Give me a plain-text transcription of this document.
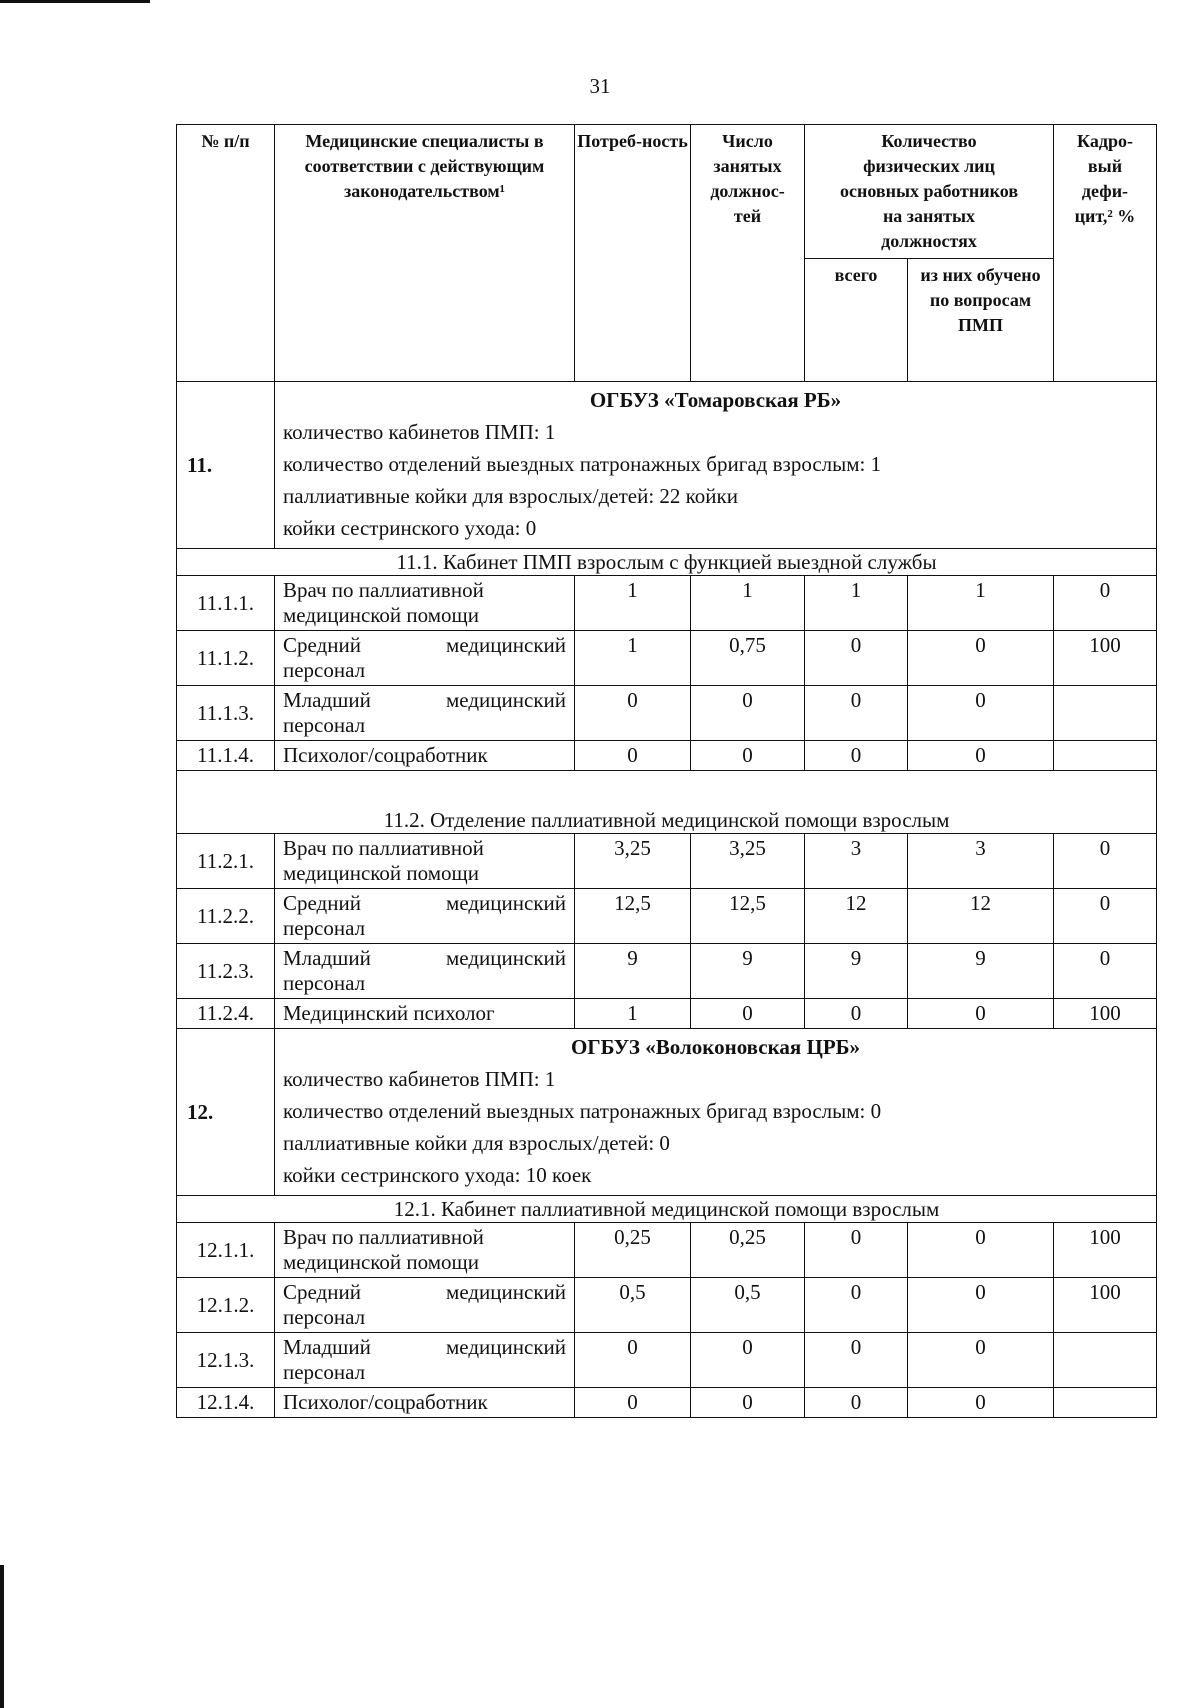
31
№ п/п	Медицинские специалисты в соответствии с действующим законодательством¹	Потреб-ность	Число занятых должнос-тей	Количество физических лиц основных работников на занятых должностях		Кадро-вый дефи-цит,² %

				всего	из них обучено по вопросам ПМП	

11.	ОГБУЗ «Томаровская РБ»
количество кабинетов ПМП: 1
количество отделений выездных патронажных бригад взрослым: 1
паллиативные койки для взрослых/детей: 22 койки
койки сестринского ухода: 0					

11.1. Кабинет ПМП взрослым с функцией выездной службы						
11.1.1.	Врач по паллиативной медицинской помощи	1	1	1	1	0
11.1.2.	Средний медицинский персонал	1	0,75	0	0	100
11.1.3.	Младший медицинский персонал	0	0	0	0	
11.1.4.	Психолог/соцработник	0	0	0	0	
11.2. Отделение паллиативной медицинской помощи взрослым						
11.2.1.	Врач по паллиативной медицинской помощи	3,25	3,25	3	3	0
11.2.2.	Средний медицинский персонал	12,5	12,5	12	12	0
11.2.3.	Младший медицинский персонал	9	9	9	9	0
11.2.4.	Медицинский психолог	1	0	0	0	100
12.	ОГБУЗ «Волоконовская ЦРБ»
количество кабинетов ПМП: 1
количество отделений выездных патронажных бригад взрослым: 0
паллиативные койки для взрослых/детей: 0
койки сестринского ухода: 10 коек					

12.1. Кабинет паллиативной медицинской помощи взрослым						
12.1.1.	Врач по паллиативной медицинской помощи	0,25	0,25	0	0	100
12.1.2.	Средний медицинский персонал	0,5	0,5	0	0	100
12.1.3.	Младший медицинский персонал	0	0	0	0	
12.1.4.	Психолог/соцработник	0	0	0	0	
